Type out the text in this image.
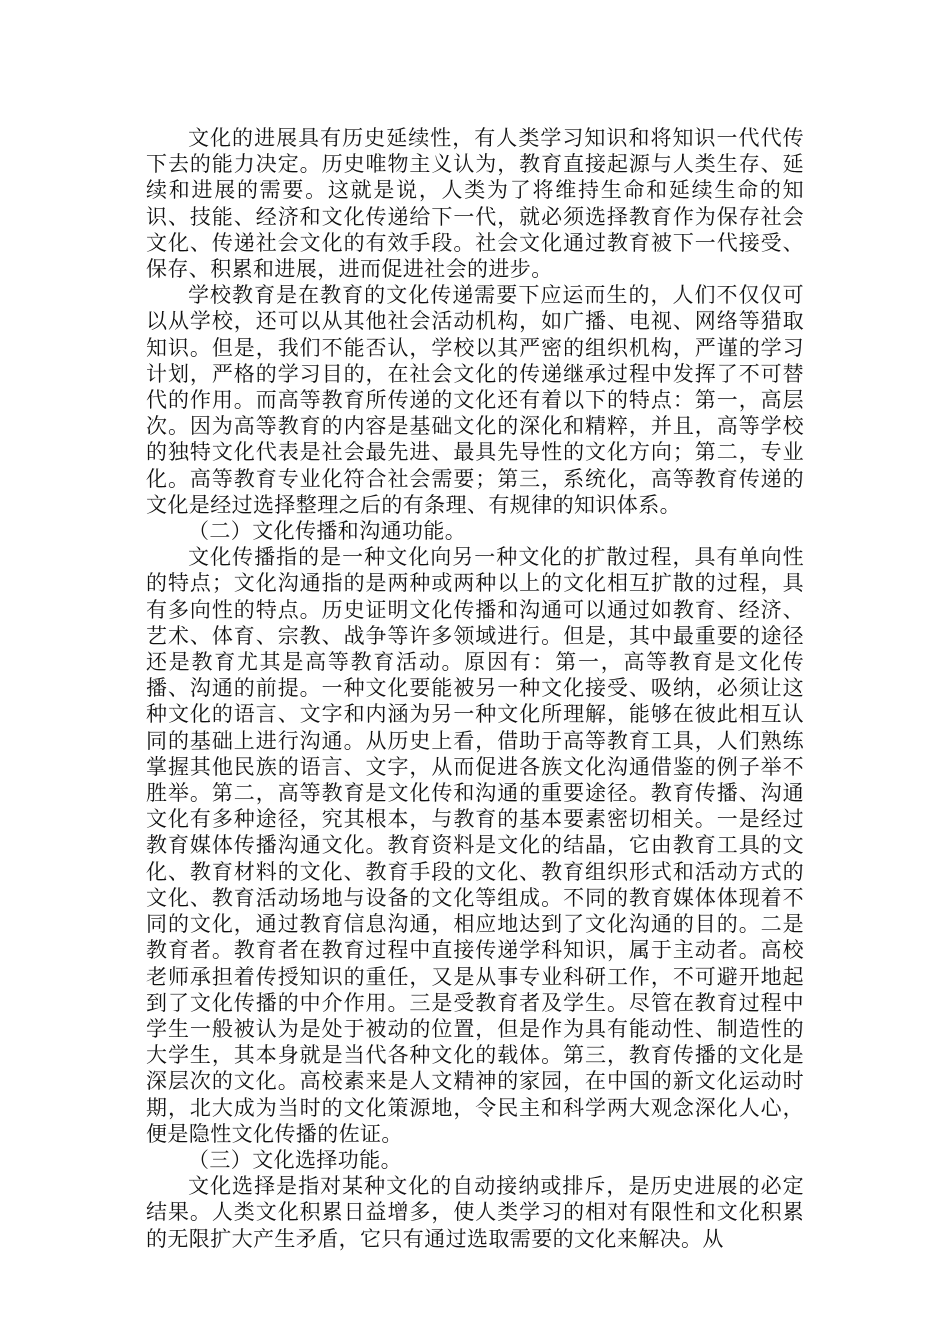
文化的进展具有历史延续性，有人类学习知识和将知识一代代传下去的能力决定。历史唯物主义认为，教育直接起源与人类生存、延续和进展的需要。这就是说，人类为了将维持生命和延续生命的知识、技能、经济和文化传递给下一代，就必须选择教育作为保存社会文化、传递社会文化的有效手段。社会文化通过教育被下一代接受、保存、积累和进展，进而促进社会的进步。

学校教育是在教育的文化传递需要下应运而生的，人们不仅仅可以从学校，还可以从其他社会活动机构，如广播、电视、网络等猎取知识。但是，我们不能否认，学校以其严密的组织机构，严谨的学习计划，严格的学习目的，在社会文化的传递继承过程中发挥了不可替代的作用。而高等教育所传递的文化还有着以下的特点：第一，高层次。因为高等教育的内容是基础文化的深化和精粹，并且，高等学校的独特文化代表是社会最先进、最具先导性的文化方向；第二，专业化。高等教育专业化符合社会需要；第三，系统化，高等教育传递的文化是经过选择整理之后的有条理、有规律的知识体系。

（二）文化传播和沟通功能。

文化传播指的是一种文化向另一种文化的扩散过程，具有单向性的特点；文化沟通指的是两种或两种以上的文化相互扩散的过程，具有多向性的特点。历史证明文化传播和沟通可以通过如教育、经济、艺术、体育、宗教、战争等许多领域进行。但是，其中最重要的途径还是教育尤其是高等教育活动。原因有：第一，高等教育是文化传播、沟通的前提。一种文化要能被另一种文化接受、吸纳，必须让这种文化的语言、文字和内涵为另一种文化所理解，能够在彼此相互认同的基础上进行沟通。从历史上看，借助于高等教育工具，人们熟练掌握其他民族的语言、文字，从而促进各族文化沟通借鉴的例子举不胜举。第二，高等教育是文化传和沟通的重要途径。教育传播、沟通文化有多种途径，究其根本，与教育的基本要素密切相关。一是经过教育媒体传播沟通文化。教育资料是文化的结晶，它由教育工具的文化、教育材料的文化、教育手段的文化、教育组织形式和活动方式的文化、教育活动场地与设备的文化等组成。不同的教育媒体体现着不同的文化，通过教育信息沟通，相应地达到了文化沟通的目的。二是教育者。教育者在教育过程中直接传递学科知识，属于主动者。高校老师承担着传授知识的重任，又是从事专业科研工作，不可避开地起到了文化传播的中介作用。三是受教育者及学生。尽管在教育过程中学生一般被认为是处于被动的位置，但是作为具有能动性、制造性的大学生，其本身就是当代各种文化的载体。第三，教育传播的文化是深层次的文化。高校素来是人文精神的家园，在中国的新文化运动时期，北大成为当时的文化策源地，令民主和科学两大观念深化人心，便是隐性文化传播的佐证。

（三）文化选择功能。

文化选择是指对某种文化的自动接纳或排斥，是历史进展的必定结果。人类文化积累日益增多，使人类学习的相对有限性和文化积累的无限扩大产生矛盾，它只有通过选取需要的文化来解决。从
